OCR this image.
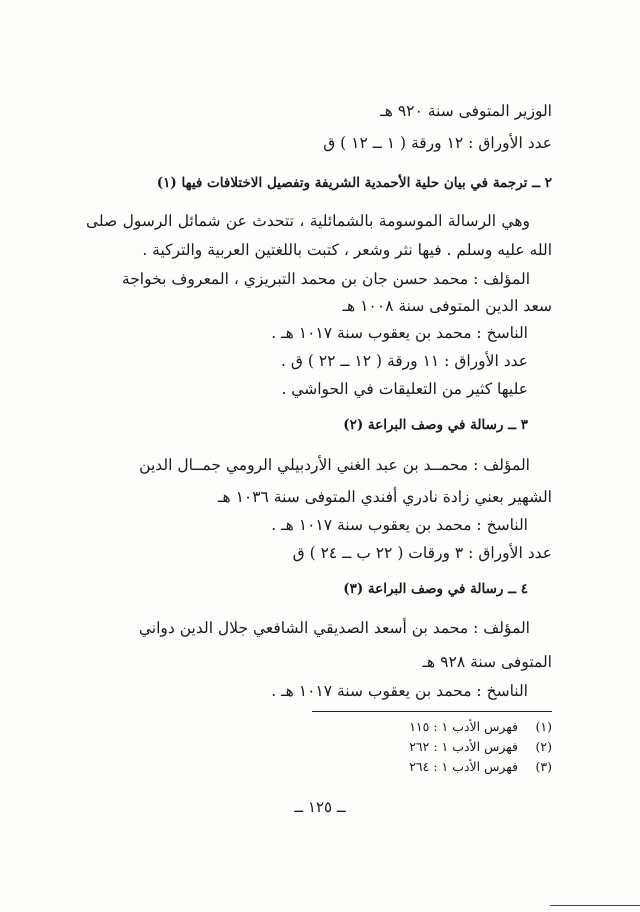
الوزير المتوفى سنة ٩٢٠ هـ
عدد الأوراق : ١٢ ورقة ( ١ ــ ١٢ ) ق
٢ ــ ترجمة في بيان حلية الأحمدية الشريفة وتفصيل الاختلافات فيها (١)

وهي الرسالة الموسومة بالشمائلية ، تتحدث عن شمائل الرسول صلى الله عليه وسلم . فيها نثر وشعر ، كتبت باللغتين العربية والتركية .

المؤلف : محمد حسن جان بن محمد التبريزي ، المعروف بخواجة
سعد الدين المتوفى سنة ١٠٠٨ هـ
الناسخ : محمد بن يعقوب سنة ١٠١٧ هـ .
عدد الأوراق : ١١ ورقة ( ١٢ ــ ٢٢ ) ق .
عليها كثير من التعليقات في الحواشي .
٣ ــ رسالة في وصف البراعة (٢)
المؤلف : محمــد بن عبد الغني الأردبيلي الرومي جمــال الدين
الشهير بعني زادة نادري أفندي المتوفى سنة ١٠٣٦ هـ
الناسخ : محمد بن يعقوب سنة ١٠١٧ هـ .
عدد الأوراق : ٣ ورقات ( ٢٢ ب ــ ٢٤ ) ق
٤ ــ رسالة في وصف البراعة (٣)
المؤلف : محمد بن أسعد الصديقي الشافعي جلال الدين دواني
المتوفى سنة ٩٢٨ هـ
الناسخ : محمد بن يعقوب سنة ١٠١٧ هـ .
(١) فهرس الأدب ١ : ١١٥
(٢) فهرس الأدب ١ : ٢٦٢
(٣) فهرس الأدب ١ : ٢٦٤
ــ ١٢٥ ــ
